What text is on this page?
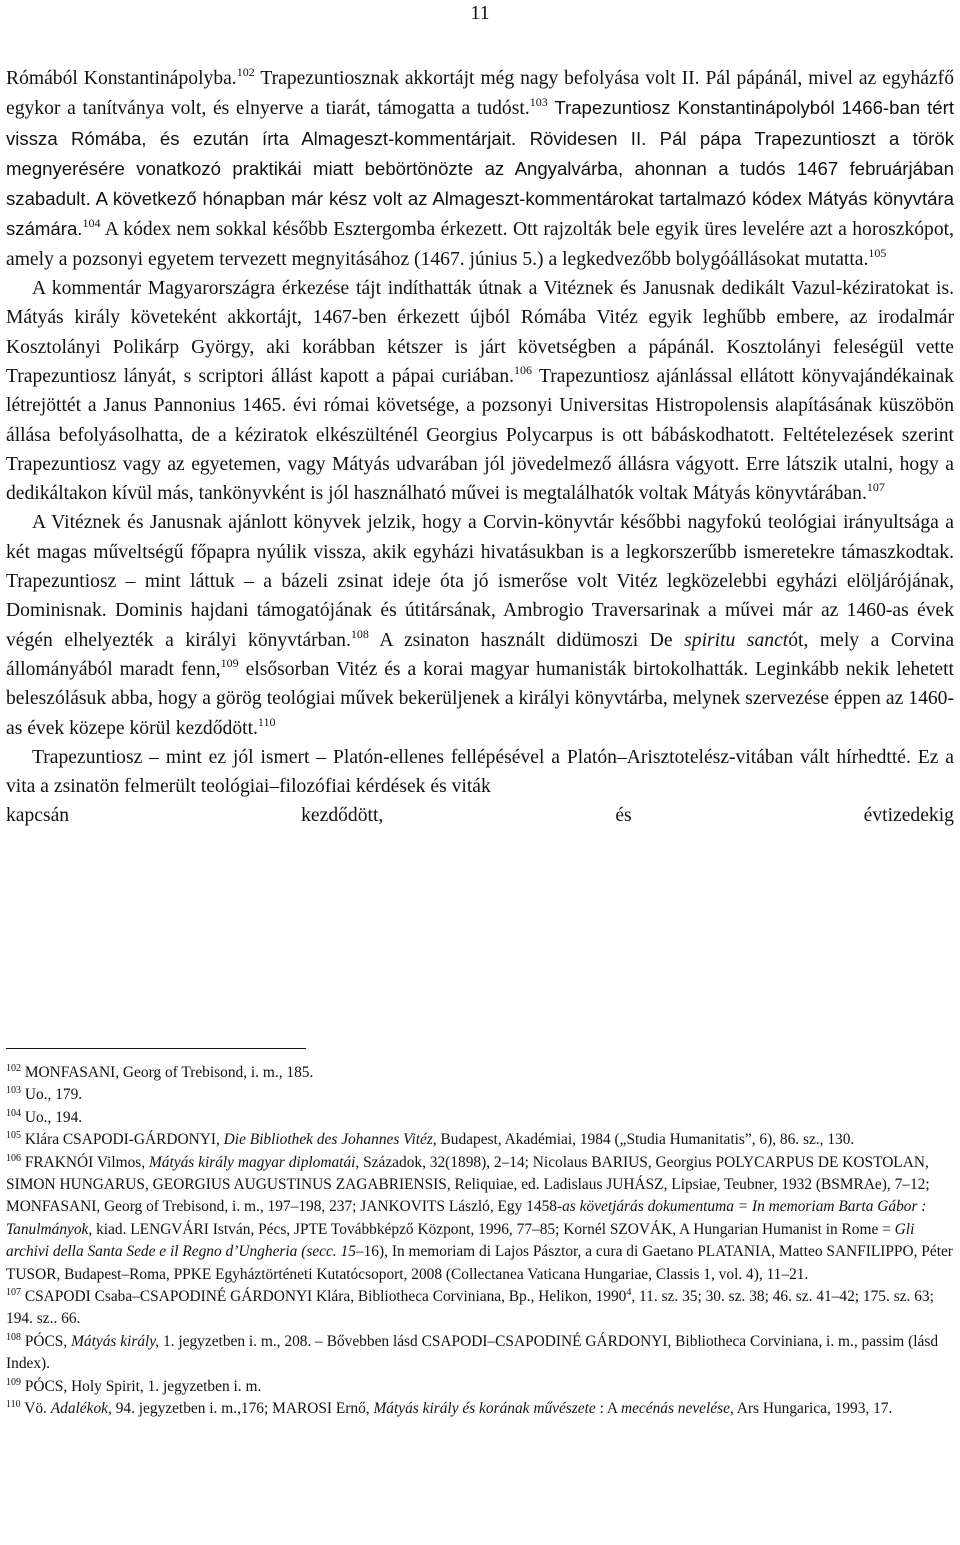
11

Rómából Konstantinápolyba.$^{102}$ Trapezuntiosznak akkortájt még nagy befolyása volt II. Pál pápánál, mivel az egyházfő egykor a tanítványa volt, és elnyerve a tiarát, támogatta a tudóst.$^{103}$ Trapezuntiosz Konstantinápolyból 1466-ban tért vissza Rómába, és ezután írta Almageszt-kommentárjait. Rövidesen II. Pál pápa Trapezuntioszt a török megnyerésére vonatkozó praktikái miatt bebörtönözte az Angyalvárba, ahonnan a tudós 1467 februárjában szabadult. A következő hónapban már kész volt az Almageszt-kommentárokat tartalmazó kódex Mátyás könyvtára számára.$^{104}$ A kódex nem sokkal később Esztergomba érkezett. Ott rajzolták bele egyik üres levelére azt a horoszkópot, amely a pozsonyi egyetem tervezett megnyitásához (1467. június 5.) a legkedvezőbb bolygóállásokat mutatta.$^{105}$

A kommentár Magyarországra érkezése tájt indíthatták útnak a Vitéznek és Janusnak dedikált Vazul-kéziratokat is. Mátyás király követeként akkortájt, 1467-ben érkezett újból Rómába Vitéz egyik leghűbb embere, az irodalmár Kosztolányi Polikárp György, aki korábban kétszer is járt követségben a pápánál. Kosztolányi feleségül vette Trapezuntiosz lányát, s scriptori állást kapott a pápai curiában.$^{106}$ Trapezuntiosz ajánlással ellátott könyvajándékainak létrejöttét a Janus Pannonius 1465. évi római követsége, a pozsonyi Universitas Histropolensis alapításának küszöbön állása befolyásolhatta, de a kéziratok elkészülténél Georgius Polycarpus is ott bábáskodhatott. Feltételezések szerint Trapezuntiosz vagy az egyetemen, vagy Mátyás udvarában jól jövedelmező állásra vágyott. Erre látszik utalni, hogy a dedikáltakon kívül más, tankönyvként is jól használható művei is megtalálhatók voltak Mátyás könyvtárában.$^{107}$

A Vitéznek és Janusnak ajánlott könyvek jelzik, hogy a Corvin-könyvtár későbbi nagyfokú teológiai irányultsága a két magas műveltségű főpapra nyúlik vissza, akik egyházi hivatásukban is a legkorszerűbb ismeretekre támaszkodtak. Trapezuntiosz – mint láttuk – a bázeli zsinat ideje óta jó ismerőse volt Vitéz legközelebbi egyházi elöljárójának, Dominisnak. Dominis hajdani támogatójának és útitársának, Ambrogio Traversarinak a művei már az 1460-as évek végén elhelyezték a királyi könyvtárban.$^{108}$ A zsinaton használt didümoszi De spiritu sanctót, mely a Corvina állományából maradt fenn,$^{109}$ elsősorban Vitéz és a korai magyar humanisták birtokolhatták. Leginkább nekik lehetett beleszólásuk abba, hogy a görög teológiai művek bekerüljenek a királyi könyvtárba, melynek szervezése éppen az 1460-as évek közepe körül kezdődött.$^{110}$

Trapezuntiosz – mint ez jól ismert – Platón-ellenes fellépésével a Platón–Arisztotelész-vitában vált hírhedtté. Ez a vita a zsinatön felmerült teológiai–filozófiai kérdések és viták

kapcsán	kezdődött,	és	évtizedekig

$^{102}$ MONFASANI, Georg of Trebisond, i. m., 185.

$^{103}$ Uo., 179.

$^{104}$ Uo., 194.

$^{105}$ Klára CSAPODI-GÁRDONYI, Die Bibliothek des Johannes Vitéz, Budapest, Akadémiai, 1984 („Studia Humanitatis”, 6), 86. sz., 130.

$^{106}$ FRAKNÓI Vilmos, Mátyás király magyar diplomatái, Századok, 32(1898), 2–14; Nicolaus BARIUS, Georgius POLYCARPUS DE KOSTOLAN, SIMON HUNGARUS, GEORGIUS AUGUSTINUS ZAGABRIENSIS, Reliquiae, ed. Ladislaus JUHÁSZ, Lipsiae, Teubner, 1932 (BSMRAe), 7–12; MONFASANI, Georg of Trebisond, i. m., 197–198, 237; JANKOVITS László, Egy 1458-as követjárás dokumentuma = In memoriam Barta Gábor : Tanulmányok, kiad. LENGVÁRI István, Pécs, JPTE Továbbképző Központ, 1996, 77–85; Kornél SZOVÁK, A Hungarian Humanist in Rome = Gli archivi della Santa Sede e il Regno d’Ungheria (secc. 15–16), In memoriam di Lajos Pásztor, a cura di Gaetano PLATANIA, Matteo SANFILIPPO, Péter TUSOR, Budapest–Roma, PPKE Egyháztörténeti Kutatócsoport, 2008 (Collectanea Vaticana Hungariae, Classis 1, vol. 4), 11–21.

$^{107}$ CSAPODI Csaba–CSAPODINÉ GÁRDONYI Klára, Bibliotheca Corviniana, Bp., Helikon, 1990$^4$, 11. sz. 35; 30. sz. 38; 46. sz. 41–42; 175. sz. 63; 194. sz.. 66.

$^{108}$ PÓCS, Mátyás király, 1. jegyzetben i. m., 208. – Bővebben lásd CSAPODI–CSAPODINÉ GÁRDONYI, Bibliotheca Corviniana, i. m., passim (lásd Index).

$^{109}$ PÓCS, Holy Spirit, 1. jegyzetben i. m.

$^{110}$ Vö. Adalékok, 94. jegyzetben i. m.,176; MAROSI Ernő, Mátyás király és korának művészete : A mecénás nevelése, Ars Hungarica, 1993, 17.
